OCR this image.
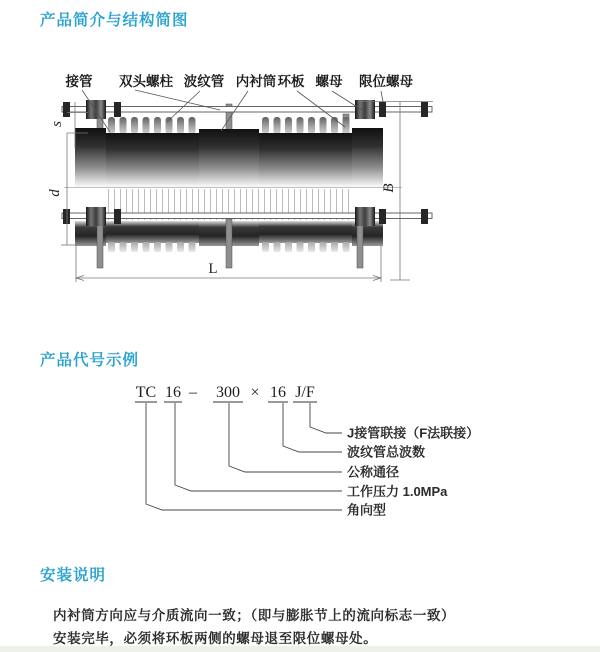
产品简介与结构简图
接管 双头螺柱 波纹管 内衬筒 环板 螺母 限位螺母
s
d
B
L
产品代号示例
TC 16 – 300 × 16 J/F
J接管联接（F法联接）
波纹管总波数
公称通径
工作压力 1.0MPa
角向型
安装说明

内衬筒方向应与介质流向一致；（即与膨胀节上的流向标志一致）

安装完毕，必须将环板两侧的螺母退至限位螺母处。
